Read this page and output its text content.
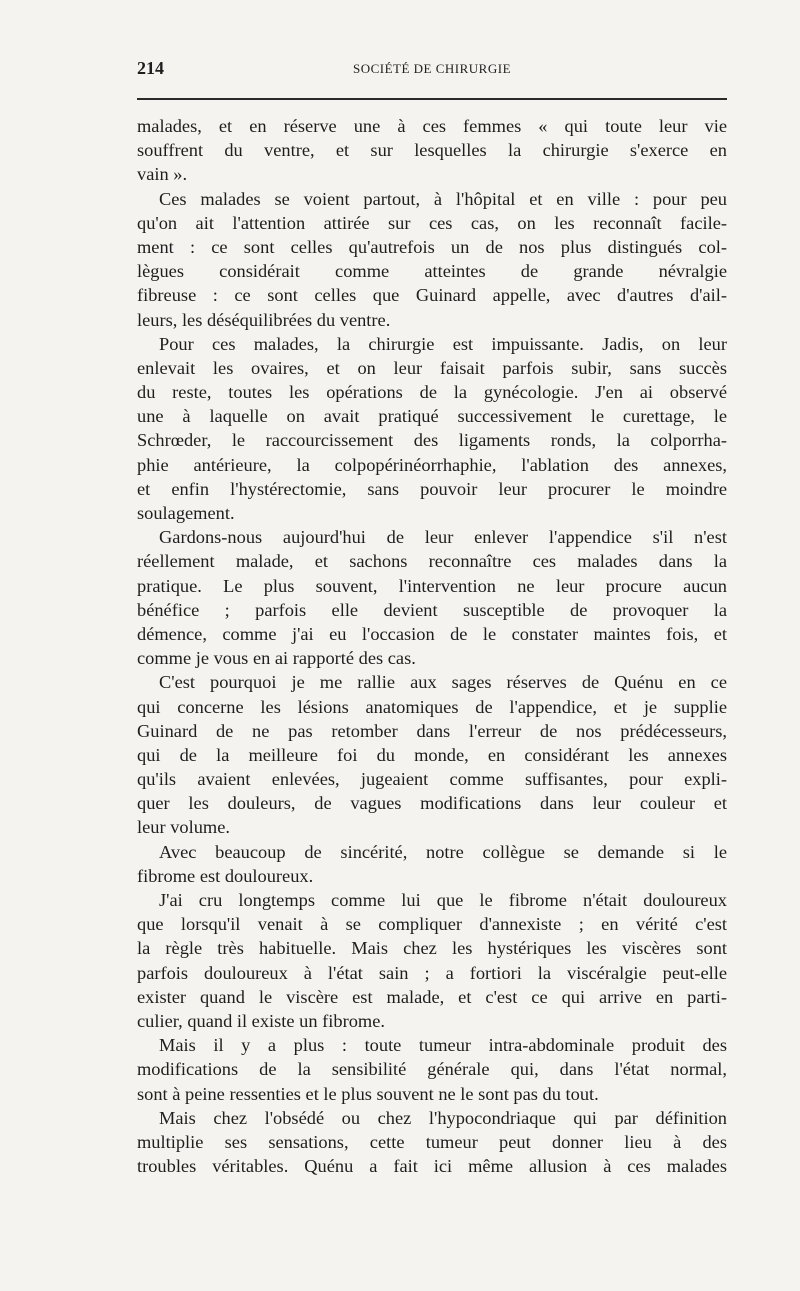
214	SOCIÉTÉ DE CHIRURGIE
malades, et en réserve une à ces femmes « qui toute leur vie
souffrent du ventre, et sur lesquelles la chirurgie s'exerce en
vain ».
Ces malades se voient partout, à l'hôpital et en ville : pour peu
qu'on ait l'attention attirée sur ces cas, on les reconnaît facile-
ment : ce sont celles qu'autrefois un de nos plus distingués col-
lègues considérait comme atteintes de grande névralgie
fibreuse : ce sont celles que Guinard appelle, avec d'autres d'ail-
leurs, les déséquilibrées du ventre.
Pour ces malades, la chirurgie est impuissante. Jadis, on leur
enlevait les ovaires, et on leur faisait parfois subir, sans succès
du reste, toutes les opérations de la gynécologie. J'en ai observé
une à laquelle on avait pratiqué successivement le curettage, le
Schrœder, le raccourcissement des ligaments ronds, la colporrha-
phie antérieure, la colpopérinéorrhaphie, l'ablation des annexes,
et enfin l'hystérectomie, sans pouvoir leur procurer le moindre
soulagement.
Gardons-nous aujourd'hui de leur enlever l'appendice s'il n'est
réellement malade, et sachons reconnaître ces malades dans la
pratique. Le plus souvent, l'intervention ne leur procure aucun
bénéfice ; parfois elle devient susceptible de provoquer la
démence, comme j'ai eu l'occasion de le constater maintes fois, et
comme je vous en ai rapporté des cas.
C'est pourquoi je me rallie aux sages réserves de Quénu en ce
qui concerne les lésions anatomiques de l'appendice, et je supplie
Guinard de ne pas retomber dans l'erreur de nos prédécesseurs,
qui de la meilleure foi du monde, en considérant les annexes
qu'ils avaient enlevées, jugeaient comme suffisantes, pour expli-
quer les douleurs, de vagues modifications dans leur couleur et
leur volume.
Avec beaucoup de sincérité, notre collègue se demande si le
fibrome est douloureux.
J'ai cru longtemps comme lui que le fibrome n'était douloureux
que lorsqu'il venait à se compliquer d'annexiste ; en vérité c'est
la règle très habituelle. Mais chez les hystériques les viscères sont
parfois douloureux à l'état sain ; a fortiori la viscéralgie peut-elle
exister quand le viscère est malade, et c'est ce qui arrive en parti-
culier, quand il existe un fibrome.
Mais il y a plus : toute tumeur intra-abdominale produit des
modifications de la sensibilité générale qui, dans l'état normal,
sont à peine ressenties et le plus souvent ne le sont pas du tout.
Mais chez l'obsédé ou chez l'hypocondriaque qui par définition
multiplie ses sensations, cette tumeur peut donner lieu à des
troubles véritables. Quénu a fait ici même allusion à ces malades
